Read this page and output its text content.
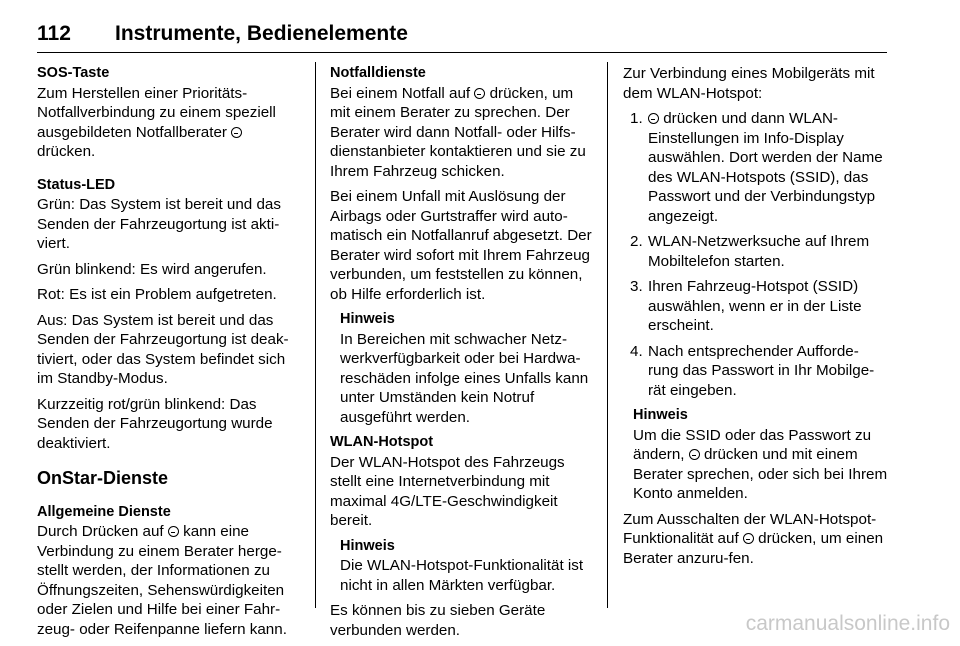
112 Instrumente, Bedienelemente
SOS-Taste

Zum Herstellen einer Prioritäts-Notfallverbindung zu einem speziell ausgebildeten Notfallberater  drücken.

Status-LED

Grün: Das System ist bereit und das Senden der Fahrzeugortung ist akti-viert.

Grün blinkend: Es wird angerufen.

Rot: Es ist ein Problem aufgetreten.

Aus: Das System ist bereit und das Senden der Fahrzeugortung ist deak-tiviert, oder das System befindet sich im Standby-Modus.

Kurzzeitig rot/grün blinkend: Das Senden der Fahrzeugortung wurde deaktiviert.

OnStar-Dienste
Allgemeine Dienste

Durch Drücken auf kann eine Verbindung zu einem Berater herge-stellt werden, der Informationen zu Öffnungszeiten, Sehenswürdigkeiten oder Zielen und Hilfe bei einer Fahr-zeug- oder Reifenpanne liefern kann.

Notfalldienste

Bei einem Notfall auf drücken, um mit einem Berater zu sprechen. Der Berater wird dann Notfall- oder Hilfs-dienstanbieter kontaktieren und sie zu Ihrem Fahrzeug schicken.

Bei einem Unfall mit Auslösung der Airbags oder Gurtstraffer wird auto-matisch ein Notfallanruf abgesetzt. Der Berater wird sofort mit Ihrem Fahrzeug verbunden, um feststellen zu können, ob Hilfe erforderlich ist.

Hinweis
In Bereichen mit schwacher Netz-werkverfügbarkeit oder bei Hardwa-reschäden infolge eines Unfalls kann unter Umständen kein Notruf ausgeführt werden.
WLAN-Hotspot

Der WLAN-Hotspot des Fahrzeugs stellt eine Internetverbindung mit maximal 4G/LTE-Geschwindigkeit bereit.

Hinweis
Die WLAN-Hotspot-Funktionalität ist nicht in allen Märkten verfügbar.

Es können bis zu sieben Geräte verbunden werden.

Zur Verbindung eines Mobilgeräts mit dem WLAN-Hotspot:

1. drücken und dann WLAN-Einstellungen im Info-Display auswählen. Dort werden der Name des WLAN-Hotspots (SSID), das Passwort und der Verbindungstyp angezeigt.
2. WLAN-Netzwerksuche auf Ihrem Mobiltelefon starten.
3. Ihren Fahrzeug-Hotspot (SSID) auswählen, wenn er in der Liste erscheint.
4. Nach entsprechender Aufforde-rung das Passwort in Ihr Mobilge-rät eingeben.
Hinweis
Um die SSID oder das Passwort zu ändern, drücken und mit einem Berater sprechen, oder sich bei Ihrem Konto anmelden.

Zum Ausschalten der WLAN-Hotspot-Funktionalität auf drücken, um einen Berater anzuru-fen.

carmanualsonline.info
